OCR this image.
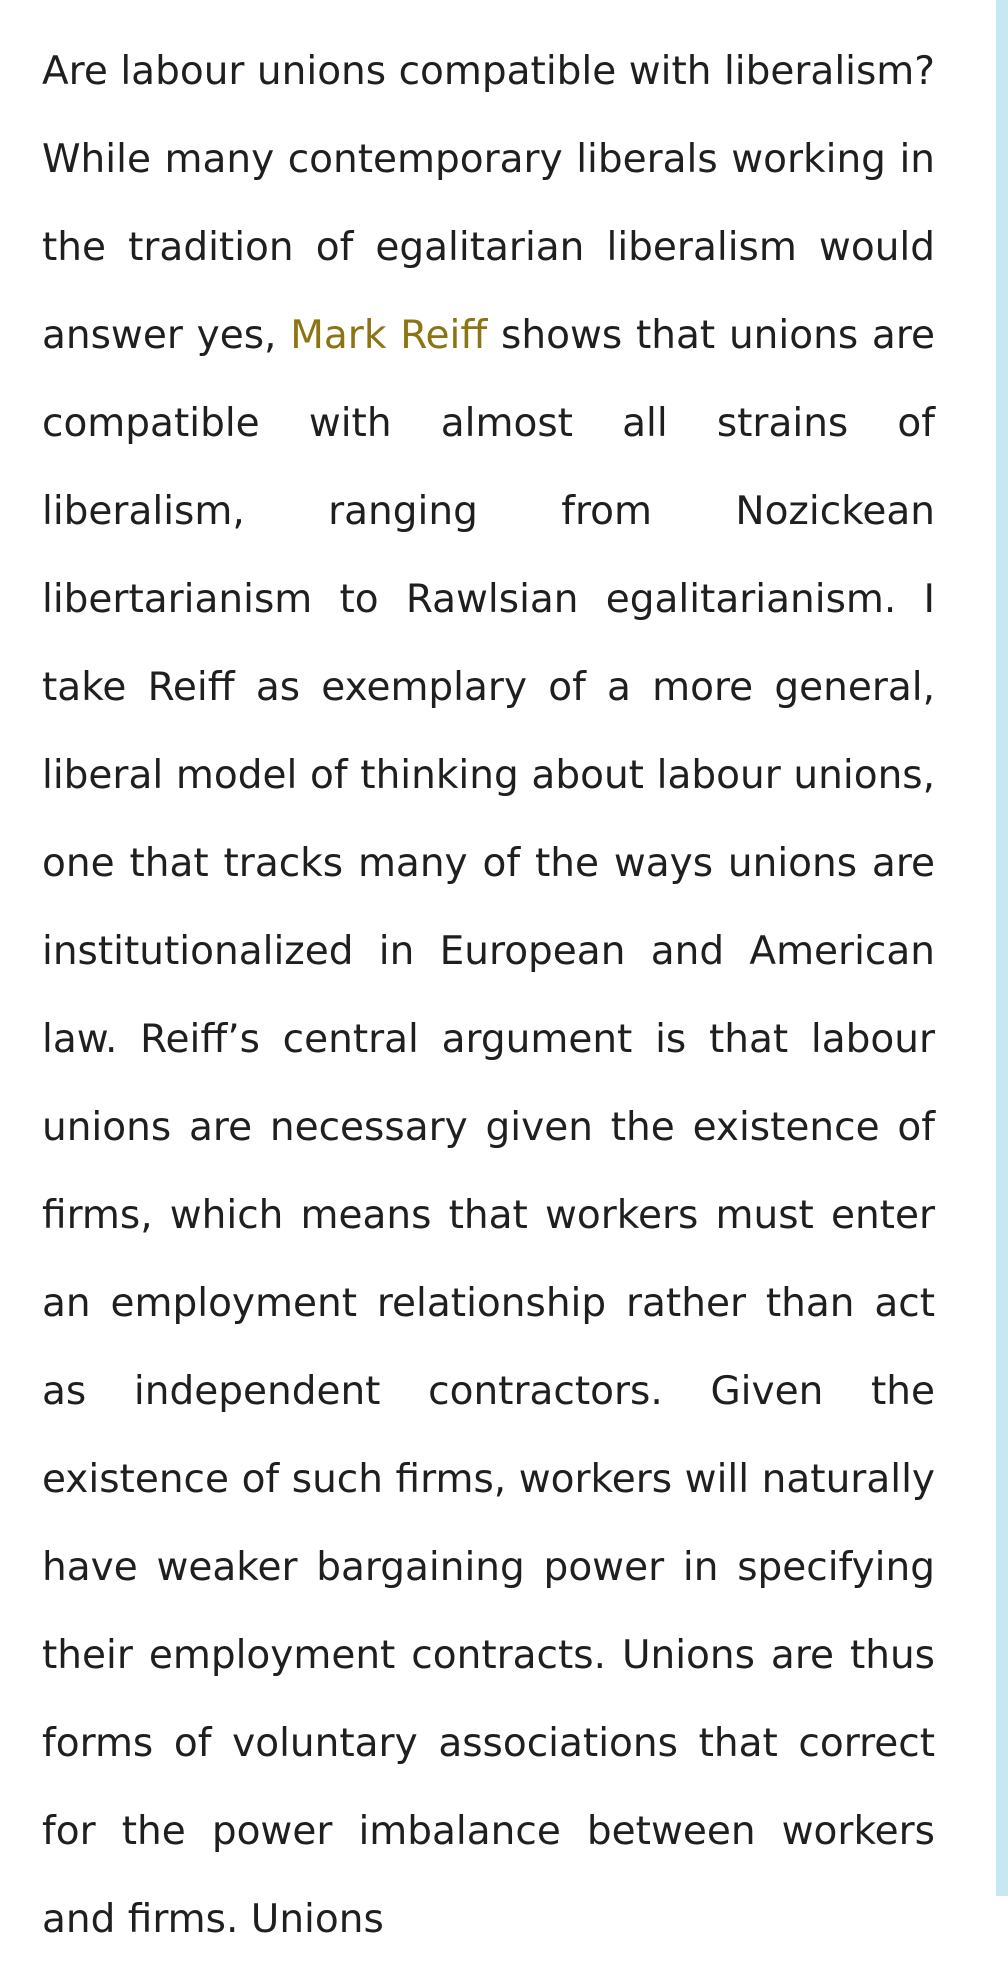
Are labour unions compatible with liberalism? While many contemporary liberals working in the tradition of egalitarian liberalism would answer yes, Mark Reiff shows that unions are compatible with almost all strains of liberalism, ranging from Nozickean libertarianism to Rawlsian egalitarianism. I take Reiff as exemplary of a more general, liberal model of thinking about labour unions, one that tracks many of the ways unions are institutionalized in European and American law. Reiff’s central argument is that labour unions are necessary given the existence of firms, which means that workers must enter an employment relationship rather than act as independent contractors. Given the existence of such firms, workers will naturally have weaker bargaining power in specifying their employment contracts. Unions are thus forms of voluntary associations that correct for the power imbalance between workers and firms. Unions
